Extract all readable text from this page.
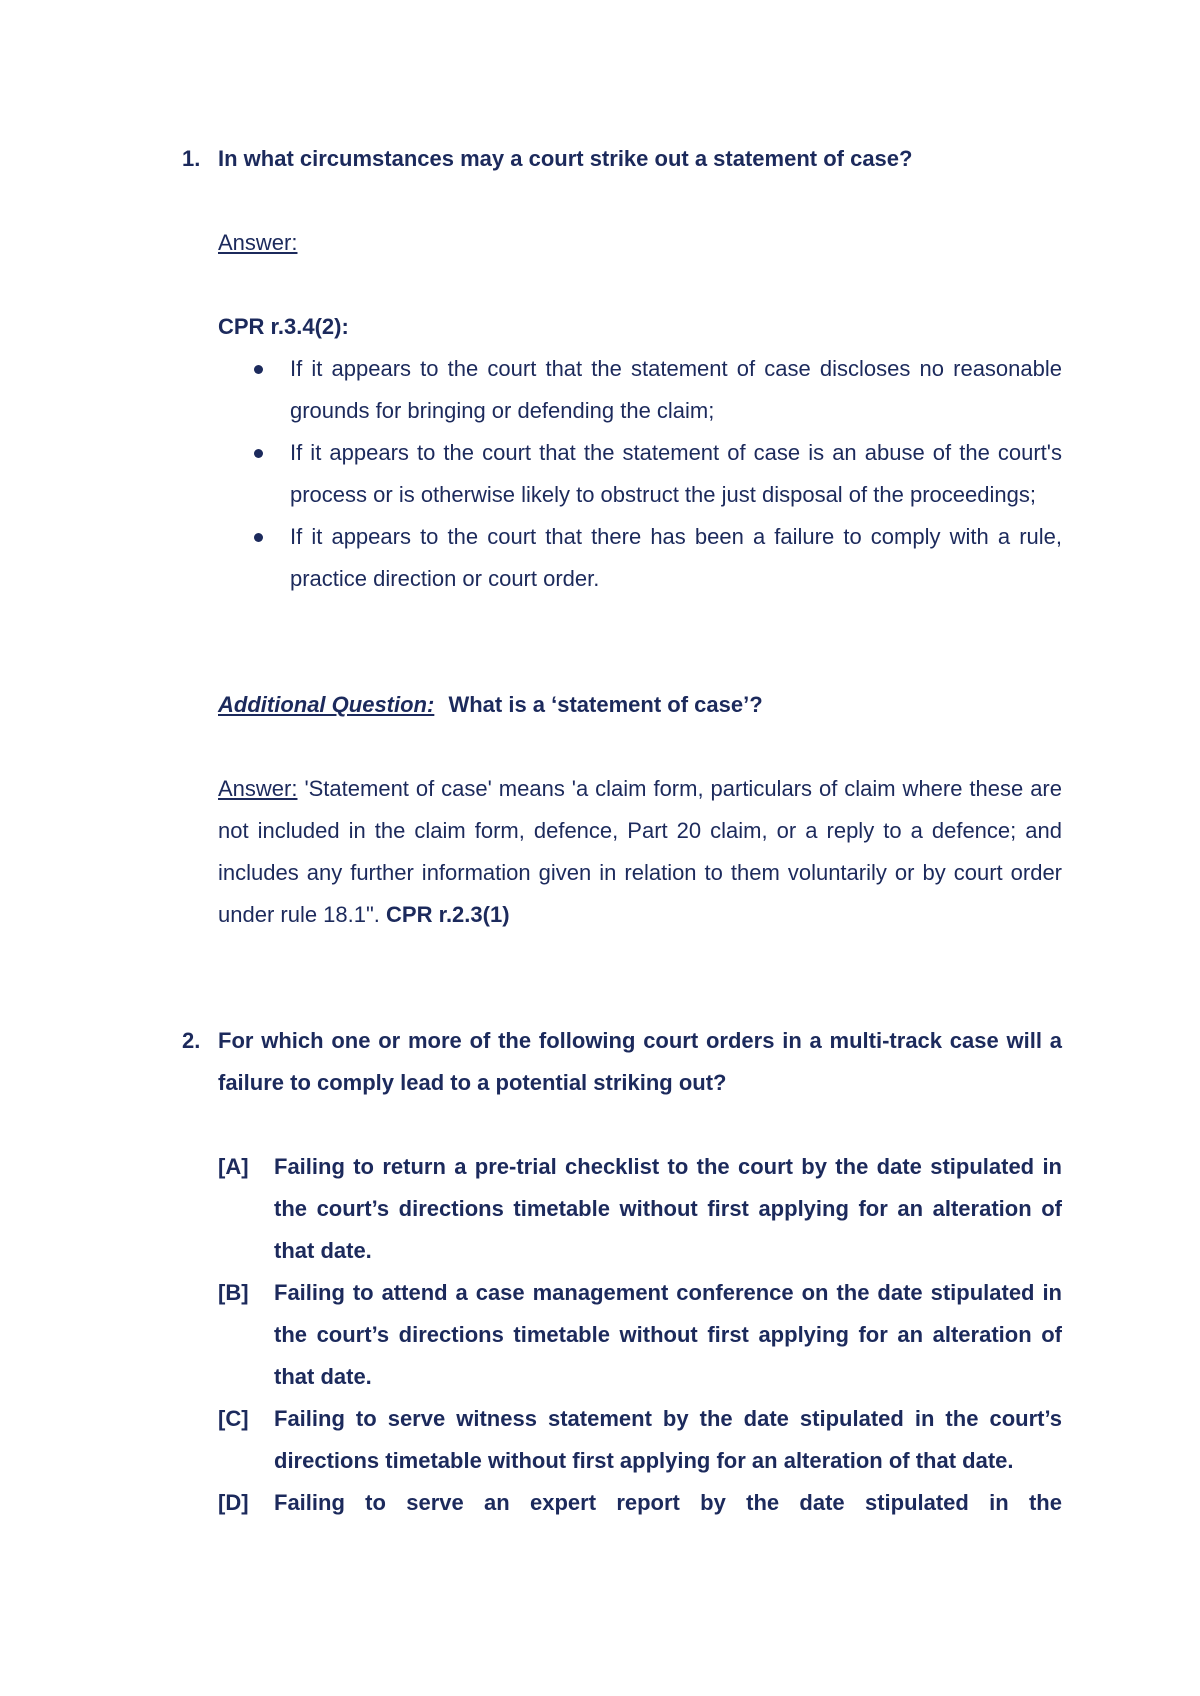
1. In what circumstances may a court strike out a statement of case?
Answer:
CPR r.3.4(2):
If it appears to the court that the statement of case discloses no reasonable grounds for bringing or defending the claim;
If it appears to the court that the statement of case is an abuse of the court's process or is otherwise likely to obstruct the just disposal of the proceedings;
If it appears to the court that there has been a failure to comply with a rule, practice direction or court order.
Additional Question: What is a ‘statement of case’?
Answer: 'Statement of case' means 'a claim form, particulars of claim where these are not included in the claim form, defence, Part 20 claim, or a reply to a defence; and includes any further information given in relation to them voluntarily or by court order under rule 18.1". CPR r.2.3(1)
2. For which one or more of the following court orders in a multi-track case will a failure to comply lead to a potential striking out?
[A] Failing to return a pre-trial checklist to the court by the date stipulated in the court’s directions timetable without first applying for an alteration of that date.
[B] Failing to attend a case management conference on the date stipulated in the court’s directions timetable without first applying for an alteration of that date.
[C] Failing to serve witness statement by the date stipulated in the court’s directions timetable without first applying for an alteration of that date.
[D] Failing to serve an expert report by the date stipulated in the
